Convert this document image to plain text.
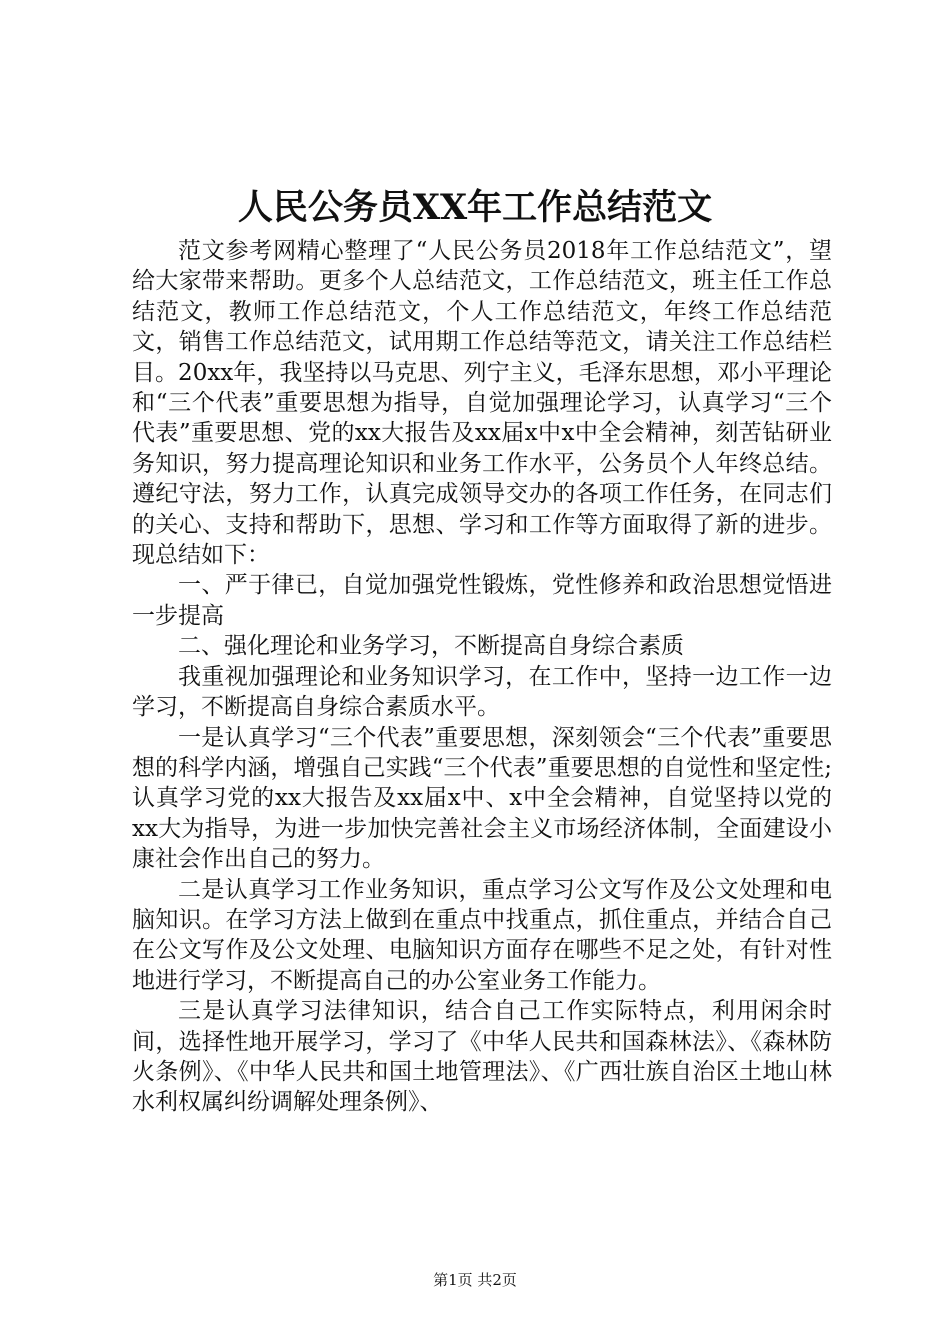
人民公务员XX年工作总结范文

范文参考网精心整理了“人民公务员2018年工作总结范文”，望给大家带来帮助。更多个人总结范文，工作总结范文，班主任工作总结范文，教师工作总结范文，个人工作总结范文，年终工作总结范文，销售工作总结范文，试用期工作总结等范文，请关注工作总结栏目。20xx年，我坚持以马克思、列宁主义，毛泽东思想，邓小平理论和“三个代表”重要思想为指导，自觉加强理论学习，认真学习“三个代表”重要思想、党的xx大报告及xx届x中x中全会精神，刻苦钻研业务知识，努力提高理论知识和业务工作水平，公务员个人年终总结。遵纪守法，努力工作，认真完成领导交办的各项工作任务，在同志们的关心、支持和帮助下，思想、学习和工作等方面取得了新的进步。现总结如下：

一、严于律已，自觉加强党性锻炼，党性修养和政治思想觉悟进一步提高

二、强化理论和业务学习，不断提高自身综合素质

我重视加强理论和业务知识学习，在工作中，坚持一边工作一边学习，不断提高自身综合素质水平。

一是认真学习“三个代表”重要思想，深刻领会“三个代表”重要思想的科学内涵，增强自己实践“三个代表”重要思想的自觉性和坚定性;认真学习党的xx大报告及xx届x中、x中全会精神，自觉坚持以党的xx大为指导，为进一步加快完善社会主义市场经济体制，全面建设小康社会作出自己的努力。

二是认真学习工作业务知识，重点学习公文写作及公文处理和电脑知识。在学习方法上做到在重点中找重点，抓住重点，并结合自己在公文写作及公文处理、电脑知识方面存在哪些不足之处，有针对性地进行学习，不断提高自己的办公室业务工作能力。

三是认真学习法律知识，结合自己工作实际特点，利用闲余时间，选择性地开展学习，学习了《中华人民共和国森林法》、《森林防火条例》、《中华人民共和国土地管理法》、《广西壮族自治区土地山林水利权属纠纷调解处理条例》、

第1页 共2页
